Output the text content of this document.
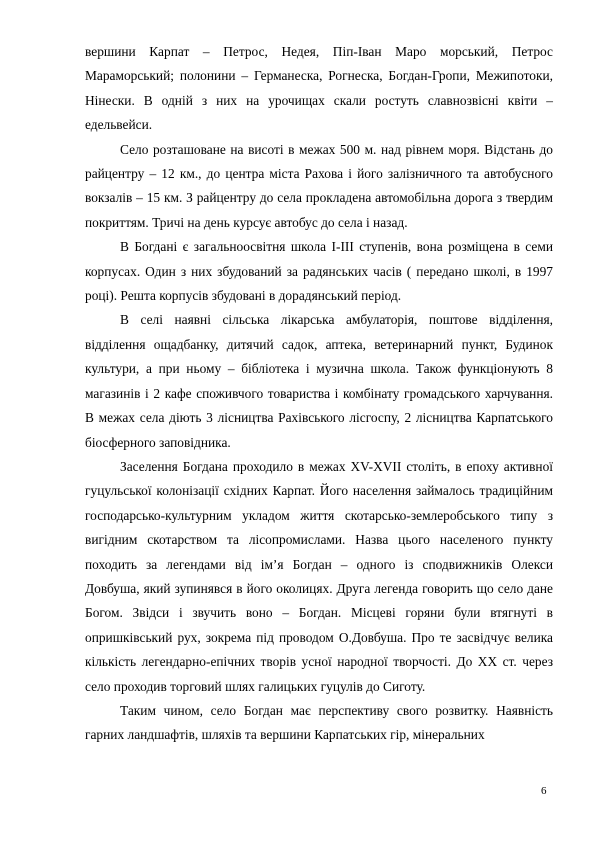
вершини Карпат – Петрос, Недея, Піп-Іван Маро морський, Петрос Мараморський; полонини – Германеска, Рогнеска, Богдан-Гропи, Межипотоки, Нінески. В одній з них на урочищах скали ростуть славнозвісні квіти – едельвейси.

Село розташоване на висоті в межах 500 м. над рівнем моря. Відстань до райцентру – 12 км., до центра міста Рахова і його залізничного та автобусного вокзалів – 15 км. З райцентру до села прокладена автомобільна дорога з твердим покриттям. Тричі на день курсує автобус до села і назад.

В Богдані є загальноосвітня школа І-ІІІ ступенів, вона розміщена в семи корпусах. Один з них збудований за радянських часів ( передано школі, в 1997 році). Решта корпусів збудовані в дорадянський період.

В селі наявні сільська лікарська амбулаторія, поштове відділення, відділення ощадбанку, дитячий садок, аптека, ветеринарний пункт, Будинок культури, а при ньому – бібліотека і музична школа. Також функціонують 8 магазинів і 2 кафе споживчого товариства і комбінату громадського харчування. В межах села діють 3 лісництва Рахівського лісгоспу, 2 лісництва Карпатського біосферного заповідника.

Заселення Богдана проходило в межах XV-XVII століть, в епоху активної гуцульської колонізації східних Карпат. Його населення займалось традиційним господарсько-культурним укладом життя скотарсько-землеробського типу з вигідним скотарством та лісопромислами. Назва цього населеного пункту походить за легендами від ім’я Богдан – одного із сподвижників Олекси Довбуша, який зупинявся в його околицях. Друга легенда говорить що село дане Богом. Звідси і звучить воно – Богдан. Місцеві горяни були втягнуті в опришківський рух, зокрема під проводом О.Довбуша. Про те засвідчує велика кількість легендарно-епічних творів усної народної творчості. До XX ст. через село проходив торговий шлях галицьких гуцулів до Сиготу.

Таким чином, село Богдан має перспективу свого розвитку. Наявність гарних ландшафтів, шляхів та вершини Карпатських гір, мінеральних

6
